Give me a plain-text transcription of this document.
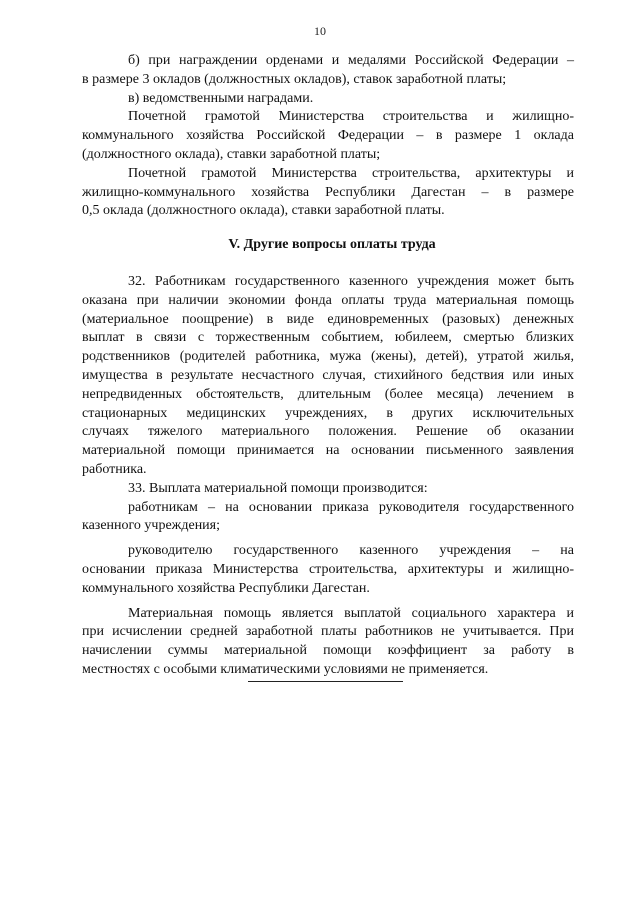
10
б) при награждении орденами и медалями Российской Федерации –
в размере 3 окладов (должностных окладов), ставок заработной платы;
в) ведомственными наградами.
Почетной грамотой Министерства строительства и жилищно-
коммунального хозяйства Российской Федерации – в размере 1 оклада
(должностного оклада), ставки заработной платы;
Почетной грамотой Министерства строительства, архитектуры и
жилищно-коммунального хозяйства Республики Дагестан – в размере
0,5 оклада (должностного оклада), ставки заработной платы.
V. Другие вопросы оплаты труда
32. Работникам государственного казенного учреждения может быть
оказана при наличии экономии фонда оплаты труда материальная помощь
(материальное поощрение) в виде единовременных (разовых) денежных
выплат в связи с торжественным событием, юбилеем, смертью близких
родственников (родителей работника, мужа (жены), детей), утратой жилья,
имущества в результате несчастного случая, стихийного бедствия или иных
непредвиденных обстоятельств, длительным (более месяца) лечением в
стационарных медицинских учреждениях, в других исключительных
случаях тяжелого материального положения. Решение об оказании
материальной помощи принимается на основании письменного заявления
работника.
33. Выплата материальной помощи производится:
работникам – на основании приказа руководителя государственного
казенного учреждения;
руководителю государственного казенного учреждения – на
основании приказа Министерства строительства, архитектуры и жилищно-
коммунального хозяйства Республики Дагестан.
Материальная помощь является выплатой социального характера и
при исчислении средней заработной платы работников не учитывается. При
начислении суммы материальной помощи коэффициент за работу в
местностях с особыми климатическими условиями не применяется.
